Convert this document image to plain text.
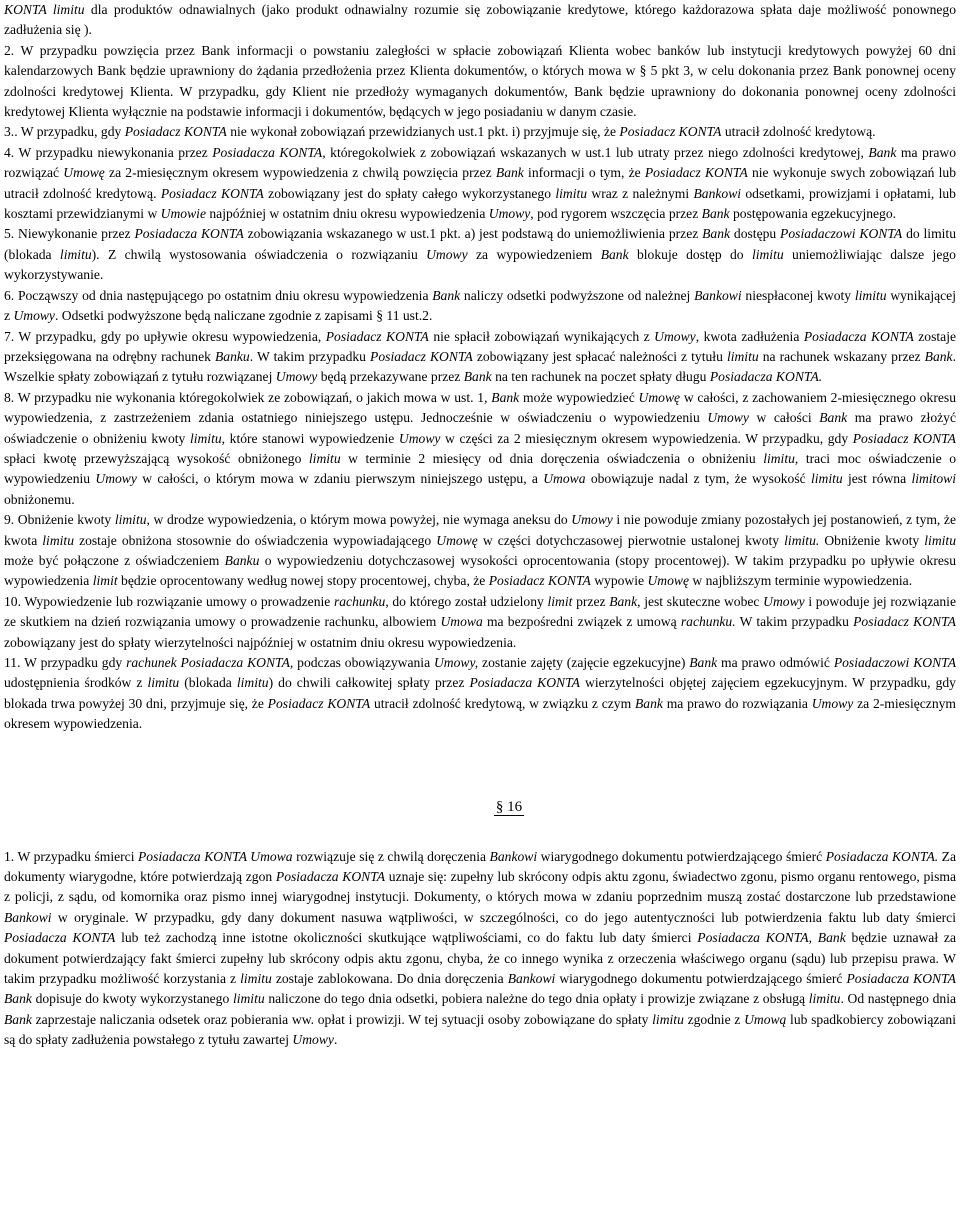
KONTA limitu dla produktów odnawialnych (jako produkt odnawialny rozumie się zobowiązanie kredytowe, którego każdorazowa spłata daje możliwość ponownego zadłużenia się ).

2. W przypadku powzięcia przez Bank informacji o powstaniu zaległości w spłacie zobowiązań Klienta wobec banków lub instytucji kredytowych powyżej 60 dni kalendarzowych Bank będzie uprawniony do żądania przedłożenia przez Klienta dokumentów, o których mowa w § 5 pkt 3, w celu dokonania przez Bank ponownej oceny zdolności kredytowej Klienta. W przypadku, gdy Klient nie przedłoży wymaganych dokumentów, Bank będzie uprawniony do dokonania ponownej oceny zdolności kredytowej Klienta wyłącznie na podstawie informacji i dokumentów, będących w jego posiadaniu w danym czasie.

3.. W przypadku, gdy Posiadacz KONTA nie wykonał zobowiązań przewidzianych ust.1 pkt. i) przyjmuje się, że Posiadacz KONTA utracił zdolność kredytową.

4. W przypadku niewykonania przez Posiadacza KONTA, któregokolwiek z zobowiązań wskazanych w ust.1 lub utraty przez niego zdolności kredytowej, Bank ma prawo rozwiązać Umowę za 2-miesięcznym okresem wypowiedzenia z chwilą powzięcia przez Bank informacji o tym, że Posiadacz KONTA nie wykonuje swych zobowiązań lub utracił zdolność kredytową. Posiadacz KONTA zobowiązany jest do spłaty całego wykorzystanego limitu wraz z należnymi Bankowi odsetkami, prowizjami i opłatami, lub kosztami przewidzianymi w Umowie najpóźniej w ostatnim dniu okresu wypowiedzenia Umowy, pod rygorem wszczęcia przez Bank postępowania egzekucyjnego.

5. Niewykonanie przez Posiadacza KONTA zobowiązania wskazanego w ust.1 pkt. a) jest podstawą do uniemożliwienia przez Bank dostępu Posiadaczowi KONTA do limitu (blokada limitu). Z chwilą wystosowania oświadczenia o rozwiązaniu Umowy za wypowiedzeniem Bank blokuje dostęp do limitu uniemożliwiając dalsze jego wykorzystywanie.

6. Począwszy od dnia następującego po ostatnim dniu okresu wypowiedzenia Bank naliczy odsetki podwyższone od należnej Bankowi niespłaconej kwoty limitu wynikającej z Umowy. Odsetki podwyższone będą naliczane zgodnie z zapisami § 11 ust.2.

7. W przypadku, gdy po upływie okresu wypowiedzenia, Posiadacz KONTA nie spłacił zobowiązań wynikających z Umowy, kwota zadłużenia Posiadacza KONTA zostaje przeksięgowana na odrębny rachunek Banku. W takim przypadku Posiadacz KONTA zobowiązany jest spłacać należności z tytułu limitu na rachunek wskazany przez Bank. Wszelkie spłaty zobowiązań z tytułu rozwiązanej Umowy będą przekazywane przez Bank na ten rachunek na poczet spłaty długu Posiadacza KONTA.

8. W przypadku nie wykonania któregokolwiek ze zobowiązań, o jakich mowa w ust. 1, Bank może wypowiedzieć Umowę w całości, z zachowaniem 2-miesięcznego okresu wypowiedzenia, z zastrzeżeniem zdania ostatniego niniejszego ustępu. Jednocześnie w oświadczeniu o wypowiedzeniu Umowy w całości Bank ma prawo złożyć oświadczenie o obniżeniu kwoty limitu, które stanowi wypowiedzenie Umowy w części za 2 miesięcznym okresem wypowiedzenia. W przypadku, gdy Posiadacz KONTA spłaci kwotę przewyższającą wysokość obniżonego limitu w terminie 2 miesięcy od dnia doręczenia oświadczenia o obniżeniu limitu, traci moc oświadczenie o wypowiedzeniu Umowy w całości, o którym mowa w zdaniu pierwszym niniejszego ustępu, a Umowa obowiązuje nadal z tym, że wysokość limitu jest równa limitowi obniżonemu.

9. Obniżenie kwoty limitu, w drodze wypowiedzenia, o którym mowa powyżej, nie wymaga aneksu do Umowy i nie powoduje zmiany pozostałych jej postanowień, z tym, że kwota limitu zostaje obniżona stosownie do oświadczenia wypowiadającego Umowę w części dotychczasowej pierwotnie ustalonej kwoty limitu. Obniżenie kwoty limitu może być połączone z oświadczeniem Banku o wypowiedzeniu dotychczasowej wysokości oprocentowania (stopy procentowej). W takim przypadku po upływie okresu wypowiedzenia limit będzie oprocentowany według nowej stopy procentowej, chyba, że Posiadacz KONTA wypowie Umowę w najbliższym terminie wypowiedzenia.

10. Wypowiedzenie lub rozwiązanie umowy o prowadzenie rachunku, do którego został udzielony limit przez Bank, jest skuteczne wobec Umowy i powoduje jej rozwiązanie ze skutkiem na dzień rozwiązania umowy o prowadzenie rachunku, albowiem Umowa ma bezpośredni związek z umową rachunku. W takim przypadku Posiadacz KONTA zobowiązany jest do spłaty wierzytelności najpóźniej w ostatnim dniu okresu wypowiedzenia.

11. W przypadku gdy rachunek Posiadacza KONTA, podczas obowiązywania Umowy, zostanie zajęty (zajęcie egzekucyjne) Bank ma prawo odmówić Posiadaczowi KONTA udostępnienia środków z limitu (blokada limitu) do chwili całkowitej spłaty przez Posiadacza KONTA wierzytelności objętej zajęciem egzekucyjnym. W przypadku, gdy blokada trwa powyżej 30 dni, przyjmuje się, że Posiadacz KONTA utracił zdolność kredytową, w związku z czym Bank ma prawo do rozwiązania Umowy za 2-miesięcznym okresem wypowiedzenia.

§ 16

1. W przypadku śmierci Posiadacza KONTA Umowa rozwiązuje się z chwilą doręczenia Bankowi wiarygodnego dokumentu potwierdzającego śmierć Posiadacza KONTA. Za dokumenty wiarygodne, które potwierdzają zgon Posiadacza KONTA uznaje się: zupełny lub skrócony odpis aktu zgonu, świadectwo zgonu, pismo organu rentowego, pisma z policji, z sądu, od komornika oraz pismo innej wiarygodnej instytucji. Dokumenty, o których mowa w zdaniu poprzednim muszą zostać dostarczone lub przedstawione Bankowi w oryginale. W przypadku, gdy dany dokument nasuwa wątpliwości, w szczególności, co do jego autentyczności lub potwierdzenia faktu lub daty śmierci Posiadacza KONTA lub też zachodzą inne istotne okoliczności skutkujące wątpliwościami, co do faktu lub daty śmierci Posiadacza KONTA, Bank będzie uznawał za dokument potwierdzający fakt śmierci zupełny lub skrócony odpis aktu zgonu, chyba, że co innego wynika z orzeczenia właściwego organu (sądu) lub przepisu prawa. W takim przypadku możliwość korzystania z limitu zostaje zablokowana. Do dnia doręczenia Bankowi wiarygodnego dokumentu potwierdzającego śmierć Posiadacza KONTA Bank dopisuje do kwoty wykorzystanego limitu naliczone do tego dnia odsetki, pobiera należne do tego dnia opłaty i prowizje związane z obsługą limitu. Od następnego dnia Bank zaprzestaje naliczania odsetek oraz pobierania ww. opłat i prowizji. W tej sytuacji osoby zobowiązane do spłaty limitu zgodnie z Umową lub spadkobiercy zobowiązani są do spłaty zadłużenia powstałego z tytułu zawartej Umowy.
